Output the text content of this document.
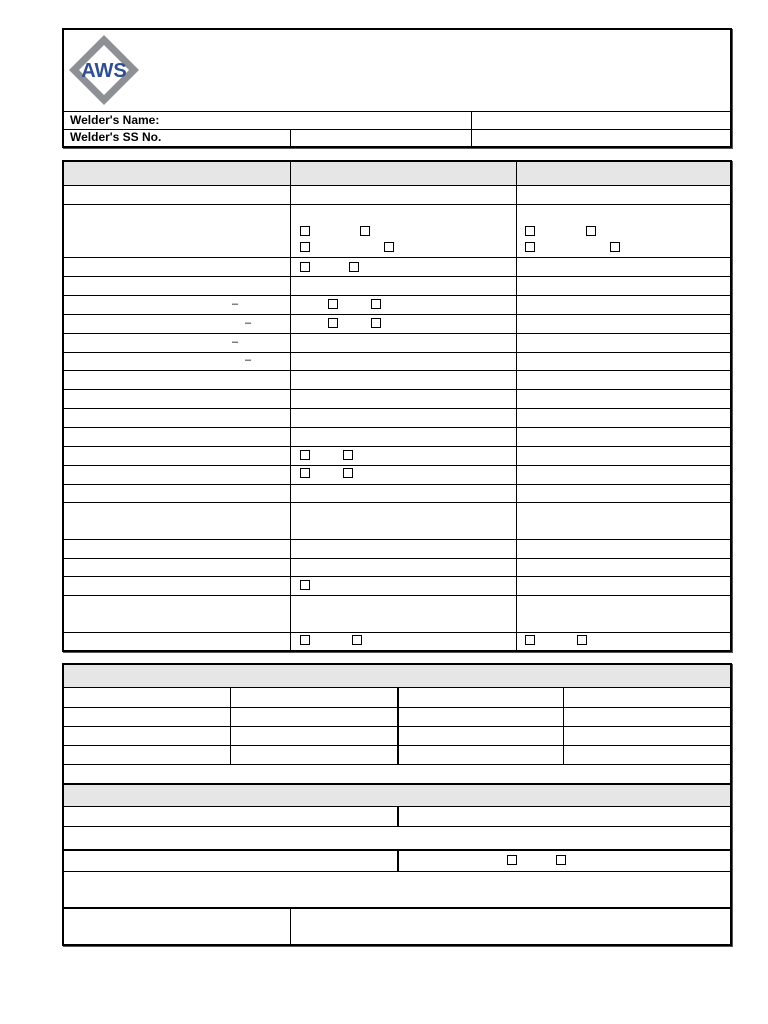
AWS
Welder's Name:
Welder's SS No.
–
–
–
–
